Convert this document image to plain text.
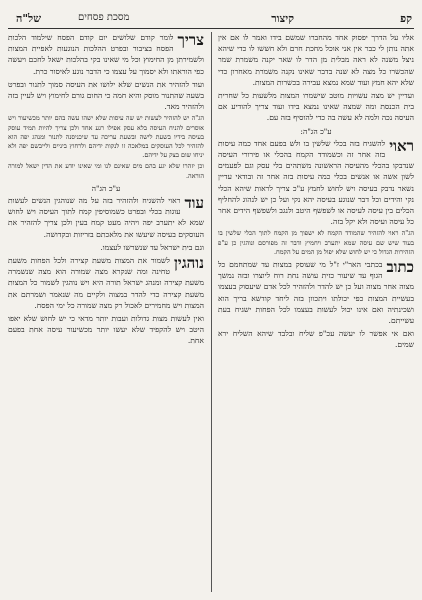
קפ
קיצור
מסכת פסחים
של"ה

אליו על הדרך יפסוק אחד מהחברו שמשם בידו ואמר לו אם אין אתה נותן לי כבר אין אני אוכל מחכת חרם ולא חששו לו כדי שיהא ניצל משנה לא ראה מבלית מן הדר לו שאר יקנה משמרת שמר שהכשרו כל מצה לא שנה בדבר שאינו נקנה משמרת מאחרון כדי שלא יהא חמץ ועוד שמא נמצא עבירה בכשרות המצות.

ועדיין יש מצה עשויות מוטב שישמרו המצות מלשעות כל שחרית בית הכנסת ומה שמצה שאינו נמצא בידו ועוד צריך להודיע אם העיסה נכה ולמה לא עשה בה כדי להוסיף בזה עם.

ע"כ הג"ה:

ראוי
להשגיח בזה בכלי שלשין בו ולש בפעם אחד כמה עיסות בזה אחר זה וכשמודד הקמח בהכלי או פירורי העיסה שנדבקו בהכלי מהעיסה הראשונה משתהים בלי עסק וגם לפעמים לשון אשה או אנשים בכלי כמה עיסות בזה אחר זה ובודאי עדיין נשאר נדבק בעיסה ויש לחוש לחמץ ע"כ צריך לראות שיהא הכלי נקי והידים וכל דבר שנוגע בעיסה יהא נקי ועל כן יש לנהוג להחליף הכלים בין עיסה לעיסה או לשפשף היטב ולנגב ולשפשף הידים אחר כל עיסה ועיסה ולא יקל בזה.

הג"ה ראוי להזהיר שהמודד הקמח לא ישפוך מן הקמח לתוך הכלי שלשין בו בעוד שיש שם עיסה שמא יתערב ויחמיץ ודבר זה מפורסם ונוהגין כן ע"פ הזהירות הגדול כי יש לחוש שלא יפול מן המים על הקמח.

כתוב
בכתבי האר"י ז"ל מי שעוסק במצות עד שמתחמם כל הגוף עד שיעור כזית עושה נחת רוח ליוצרו ובזה נמשך מצוה אחר מצוה ועל כן יש להדר ולהזהיר לכל אדם שיעסוק בעצמו בעשיית המצות כפי יכולתו ויתכוון בזה ליחד קודשא בריך הוא ושכינתיה ואם אינו יכול לעשות בעצמו לכל הפחות ישגיח בעת עשייתם.

ואם אי אפשר לו יעשה עכ"פ שליח ובלבד שיהא השליח ירא שמים.

צריך
לומר קודם שלושים יום קודם הפסח שילמוד הלכות הפסח בציבור ובפרט ההלכות הנוגעות לאפיית המצות ולשמירתן מן החימוץ וכל מי שאינו בקי בהלכות ישאל לחכם ויעשה כפי הוראתו ולא יסמוך על עצמו כי הדבר נוגע לאיסור כרת.

ועוד להזהיר את הנשים שלא ילושו את העיסה סמוך לתנור ובפרט בשעה שהתנור מוסק והיא חמה כי החום גורם לחימוץ ויש לעיין בזה ולהזהיר מאד.

הג"ה יש להזהיר לעשות יש שה עיסות שלא ישהו עשה בהם יותר מכשיעור ויש אוסרים להניח העיסה בלא עסק אפילו רגע אחד ולכן צריך להיות תמיד עוסק בעיסה בידיו בשעת לישה ובשעת עריכה עד שיכניסנה לתנור ומנהג יפה הוא להזהיר לכל העוסקים במלאכה זו לנקות ידיהם ולרחוץ ביניים ולייבשם יפה ולא יניחו שום בצק על ידיהם.

וכן יזהרו שלא יגע בהם מים שאינם לנו ומי שאינו יודע את הדין ישאל למורה הוראה.

ע"כ הג"ה

עוד
ראוי להשגיח ולהזהיר בזה על מה שנוהגין הנשים לעשות עוגות בכלי ובפרט כשמוסיפין קמח לתוך העיסה ויש לחוש שמא לא יתערב יפה ויהיה מעט קמח בעין ולכן צריך להזהיר את העוסקים בעיסה שיעשו את מלאכתם בזריזות ובקדושה.

וגם בית ישראל עד שנשרשו לעצמו.

נוהגין
לשמור את המצות משעת קצירה ולכל הפחות משעת טחינה ומה שנקרא מצה שמורה הוא מצה שנשמרה משעת קצירה ומנהג ישראל תורה היא ויש נוהגין לשמור כל המצות משעת קצירה כדי להדר במצוה ולקיים מה שנאמר ושמרתם את המצות ויש מחמירים לאכול רק מצה שמורה כל ימי הפסח.

ואין לעשות מצות גדולות ועבות יותר מדאי כי יש לחוש שלא יאפו היטב ויש להקפיד שלא יעשו יותר מכשיעור עיסה אחת בפעם אחת.
